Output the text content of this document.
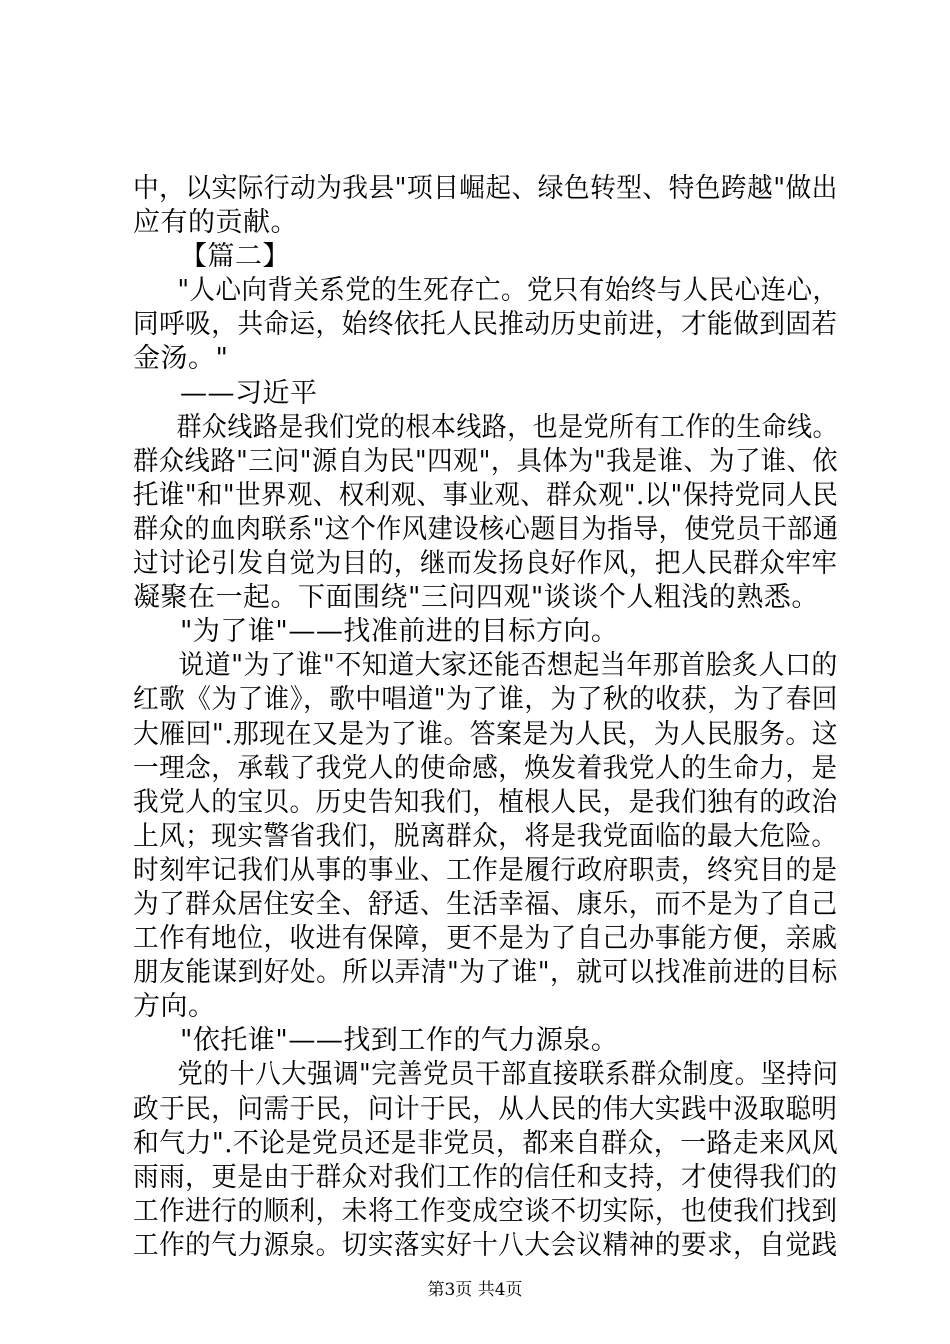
中，以实际行动为我县"项目崛起、绿色转型、特色跨越"做出
应有的贡献。
【篇二】
"人心向背关系党的生死存亡。党只有始终与人民心连心，
同呼吸，共命运，始终依托人民推动历史前进，才能做到固若
金汤。"
——习近平
群众线路是我们党的根本线路，也是党所有工作的生命线。
群众线路"三问"源自为民"四观"，具体为"我是谁、为了谁、依
托谁"和"世界观、权利观、事业观、群众观".以"保持党同人民
群众的血肉联系"这个作风建设核心题目为指导，使党员干部通
过讨论引发自觉为目的，继而发扬良好作风，把人民群众牢牢
凝聚在一起。下面围绕"三问四观"谈谈个人粗浅的熟悉。
"为了谁"——找准前进的目标方向。
说道"为了谁"不知道大家还能否想起当年那首脍炙人口的
红歌《为了谁》，歌中唱道"为了谁，为了秋的收获，为了春回
大雁回".那现在又是为了谁。答案是为人民，为人民服务。这
一理念，承载了我党人的使命感，焕发着我党人的生命力，是
我党人的宝贝。历史告知我们，植根人民，是我们独有的政治
上风；现实警省我们，脱离群众，将是我党面临的最大危险。
时刻牢记我们从事的事业、工作是履行政府职责，终究目的是
为了群众居住安全、舒适、生活幸福、康乐，而不是为了自己
工作有地位，收进有保障，更不是为了自己办事能方便，亲戚
朋友能谋到好处。所以弄清"为了谁"，就可以找准前进的目标
方向。
"依托谁"——找到工作的气力源泉。
党的十八大强调"完善党员干部直接联系群众制度。坚持问
政于民，问需于民，问计于民，从人民的伟大实践中汲取聪明
和气力".不论是党员还是非党员，都来自群众，一路走来风风
雨雨，更是由于群众对我们工作的信任和支持，才使得我们的
工作进行的顺利，未将工作变成空谈不切实际，也使我们找到
工作的气力源泉。切实落实好十八大会议精神的要求，自觉践
第3页 共4页
